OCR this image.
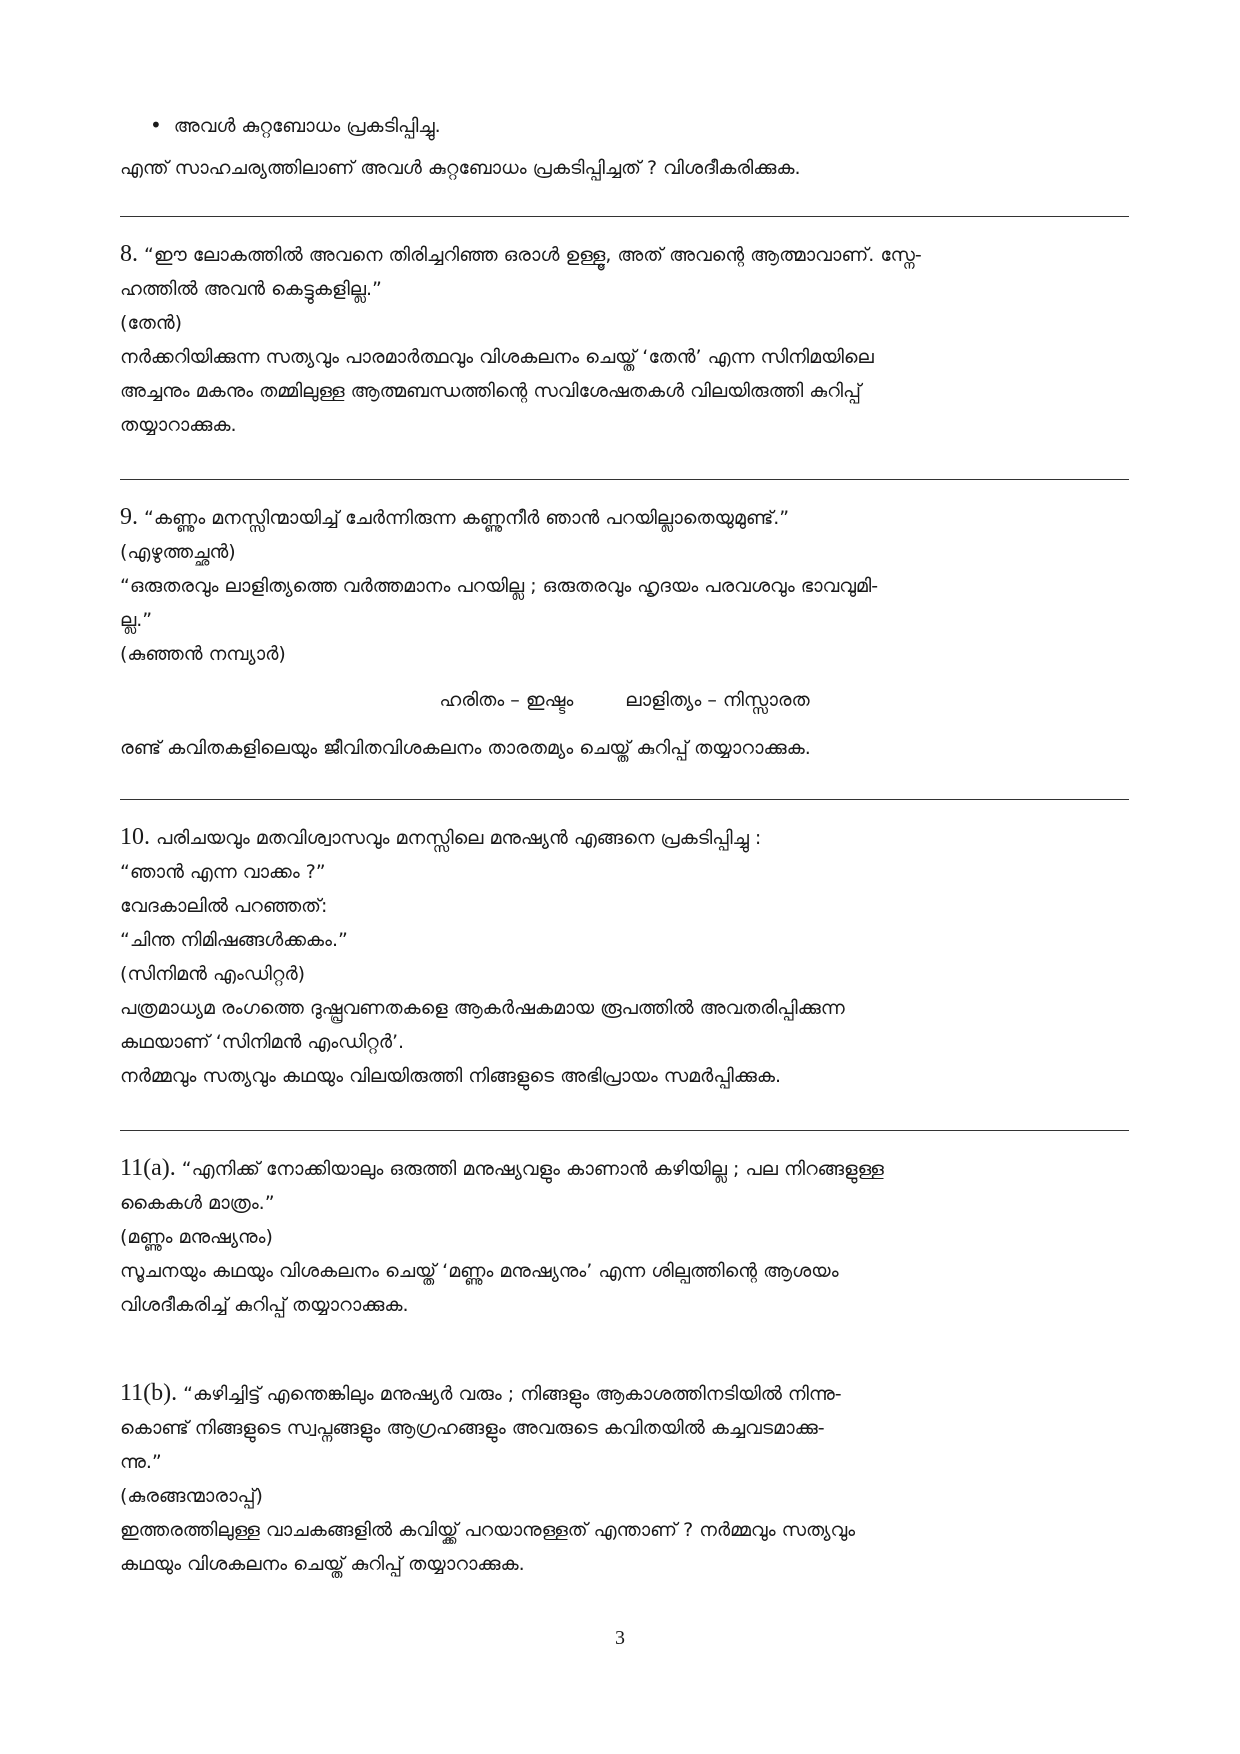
• അവൾ കുറ്റബോധം പ്രകടിപ്പിച്ചു.
എന്ത് സാഹചര്യത്തിലാണ് അവൾ കുറ്റബോധം പ്രകടിപ്പിച്ചത് ? വിശദീകരിക്കുക.
8. “ഈ ലോകത്തിൽ അവനെ തിരിച്ചറിഞ്ഞ ഒരാൾ ഉള്ളൂ, അത് അവന്റെ ആത്മാവാണ്. സ്നേ-
ഹത്തിൽ അവൻ കെട്ടുകളില്ല.”
(തേൻ)
നർക്കറിയിക്കുന്ന സത്യവും പാരമാർത്ഥവും വിശകലനം ചെയ്ത് ‘തേൻ’ എന്ന സിനിമയിലെ
അച്ചനും മകനും തമ്മിലുള്ള ആത്മബന്ധത്തിന്റെ സവിശേഷതകൾ വിലയിരുത്തി കുറിപ്പ്
തയ്യാറാക്കുക.
9. “കണ്ണും മനസ്സിന്മായിച്ച് ചേർന്നിരുന്ന കണ്ണുനീർ ഞാൻ പറയില്ലാതെയുമുണ്ട്.”
(എഴുത്തച്ഛൻ)
“ഒരുതരവും ലാളിത്യത്തെ വർത്തമാനം പറയില്ല ; ഒരുതരവും ഹൃദയം പരവശവും ഭാവവുമി-
ല്ല.”
(കുഞ്ഞൻ നമ്പ്യാർ)
ഹരിതം – ഇഷ്ടം	ലാളിത്യം – നിസ്സാരത
രണ്ട് കവിതകളിലെയും ജീവിതവിശകലനം താരതമ്യം ചെയ്ത് കുറിപ്പ് തയ്യാറാക്കുക.
10. പരിചയവും മതവിശ്വാസവും മനസ്സിലെ മനുഷ്യൻ എങ്ങനെ പ്രകടിപ്പിച്ചു :
“ഞാൻ എന്ന വാക്കം ?”
വേദകാലിൽ പറഞ്ഞത്:
“ചിന്ത നിമിഷങ്ങൾക്കകം.”
(സിനിമൻ എംഡിറ്റർ)
പത്രമാധ്യമ രംഗത്തെ ദുഷ്പ്രവണതകളെ ആകർഷകമായ രൂപത്തിൽ അവതരിപ്പിക്കുന്ന
കഥയാണ് ‘സിനിമൻ എംഡിറ്റർ’.
നർമ്മവും സത്യവും കഥയും വിലയിരുത്തി നിങ്ങളുടെ അഭിപ്രായം സമർപ്പിക്കുക.
11(a). “എനിക്ക് നോക്കിയാലും ഒരുത്തി മനുഷ്യവളും കാണാൻ കഴിയില്ല ; പല നിറങ്ങളുള്ള
കൈകൾ മാത്രം.”
(മണ്ണും മനുഷ്യനും)
സൂചനയും കഥയും വിശകലനം ചെയ്ത് ‘മണ്ണും മനുഷ്യനും’ എന്ന ശില്പത്തിന്റെ ആശയം
വിശദീകരിച്ച് കുറിപ്പ് തയ്യാറാക്കുക.
11(b). “കഴിച്ചിട്ട് എന്തെങ്കിലും മനുഷ്യർ വരും ; നിങ്ങളും ആകാശത്തിനടിയിൽ നിന്നു-
കൊണ്ട് നിങ്ങളുടെ സ്വപ്നങ്ങളും ആഗ്രഹങ്ങളും അവരുടെ കവിതയിൽ കച്ചവടമാക്കു-
ന്നു.”
(കുരങ്ങന്മാരാപ്പ്)
ഇത്തരത്തിലുള്ള വാചകങ്ങളിൽ കവിയ്ക്ക് പറയാനുള്ളത് എന്താണ് ? നർമ്മവും സത്യവും
കഥയും വിശകലനം ചെയ്ത് കുറിപ്പ് തയ്യാറാക്കുക.
3
